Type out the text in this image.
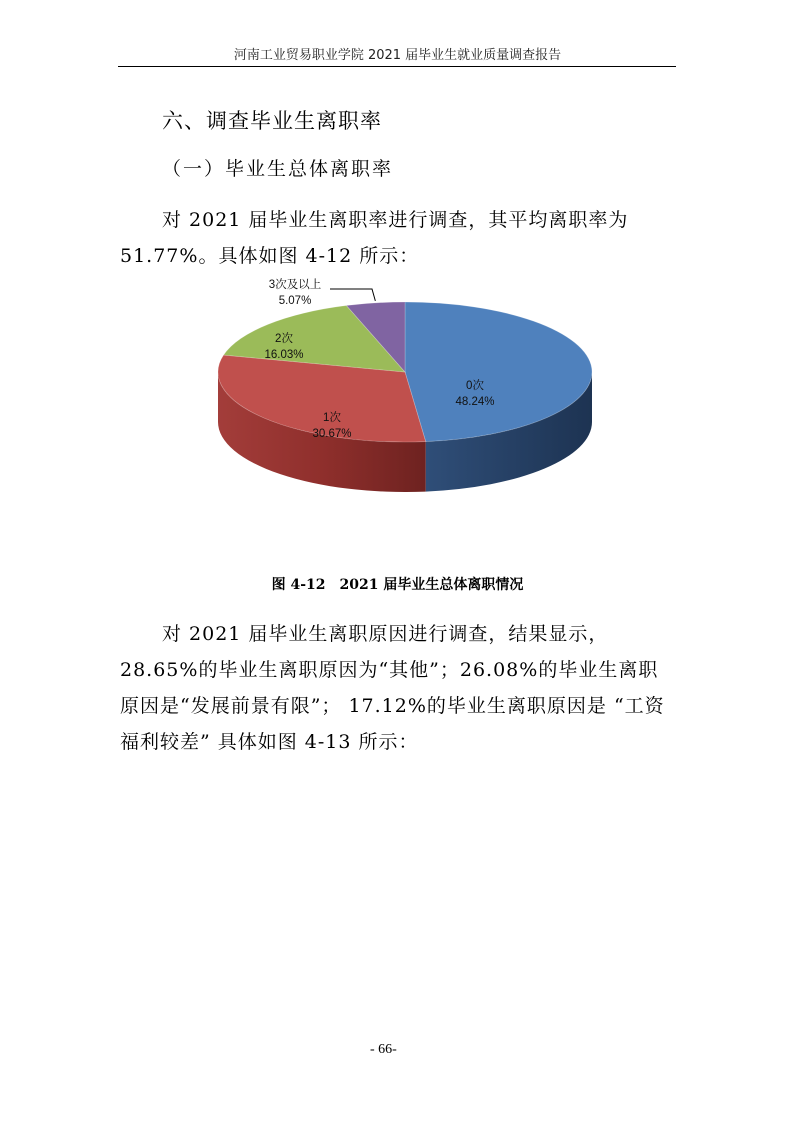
河南工业贸易职业学院 2021 届毕业生就业质量调查报告
六、调查毕业生离职率
（一）毕业生总体离职率
对 2021 届毕业生离职率进行调查，其平均离职率为 51.77%。具体如图 4-12 所示：
0次
48.24%
1次
30.67%
2次
16.03%
3次及以上
5.07%
图 4-12　2021 届毕业生总体离职情况
对 2021 届毕业生离职原因进行调查，结果显示，28.65%的毕业生离职原因为“其他”；26.08%的毕业生离职原因是“发展前景有限”； 17.12%的毕业生离职原因是 “工资福利较差” 具体如图 4-13 所示：
- 66-
